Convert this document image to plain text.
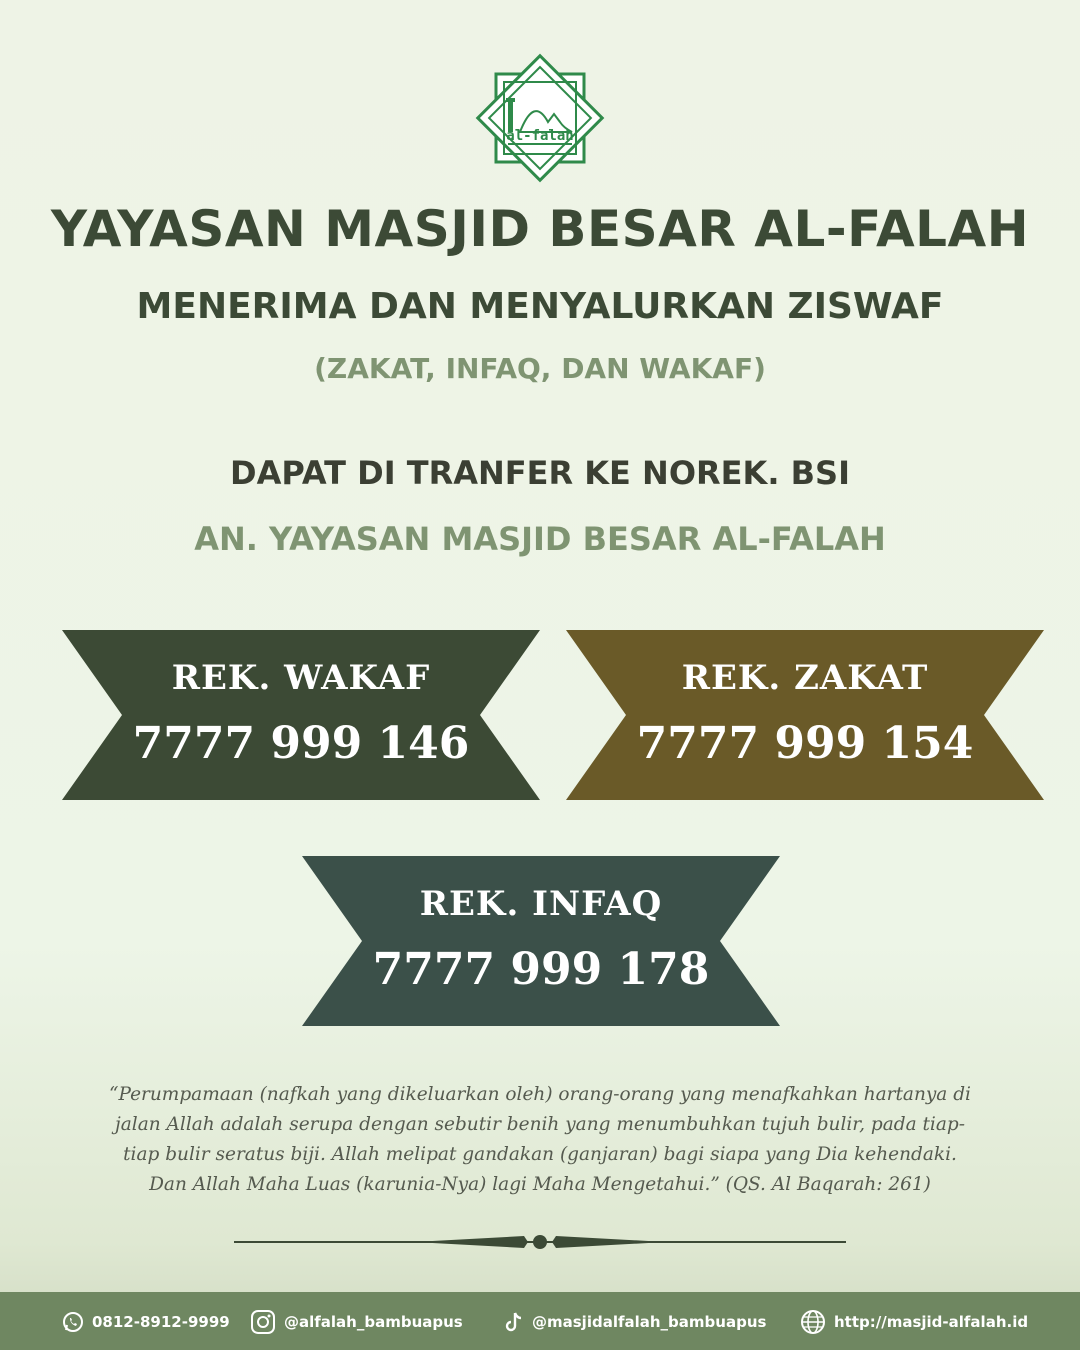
al-falah
YAYASAN MASJID BESAR AL-FALAH
MENERIMA DAN MENYALURKAN ZISWAF
(ZAKAT, INFAQ, DAN WAKAF)
DAPAT DI TRANFER KE NOREK. BSI
AN. YAYASAN MASJID BESAR AL-FALAH
REK. WAKAF
7777 999 146
REK. ZAKAT
7777 999 154
REK. INFAQ
7777 999 178
“Perumpamaan (nafkah yang dikeluarkan oleh) orang-orang yang menafkahkan hartanya di
jalan Allah adalah serupa dengan sebutir benih yang menumbuhkan tujuh bulir, pada tiap-
tiap bulir seratus biji. Allah melipat gandakan (ganjaran) bagi siapa yang Dia kehendaki.
Dan Allah Maha Luas (karunia-Nya) lagi Maha Mengetahui.” (QS. Al Baqarah: 261)
0812-8912-9999	@alfalah_bambuapus	@masjidalfalah_bambuapus	http://masjid-alfalah.id
